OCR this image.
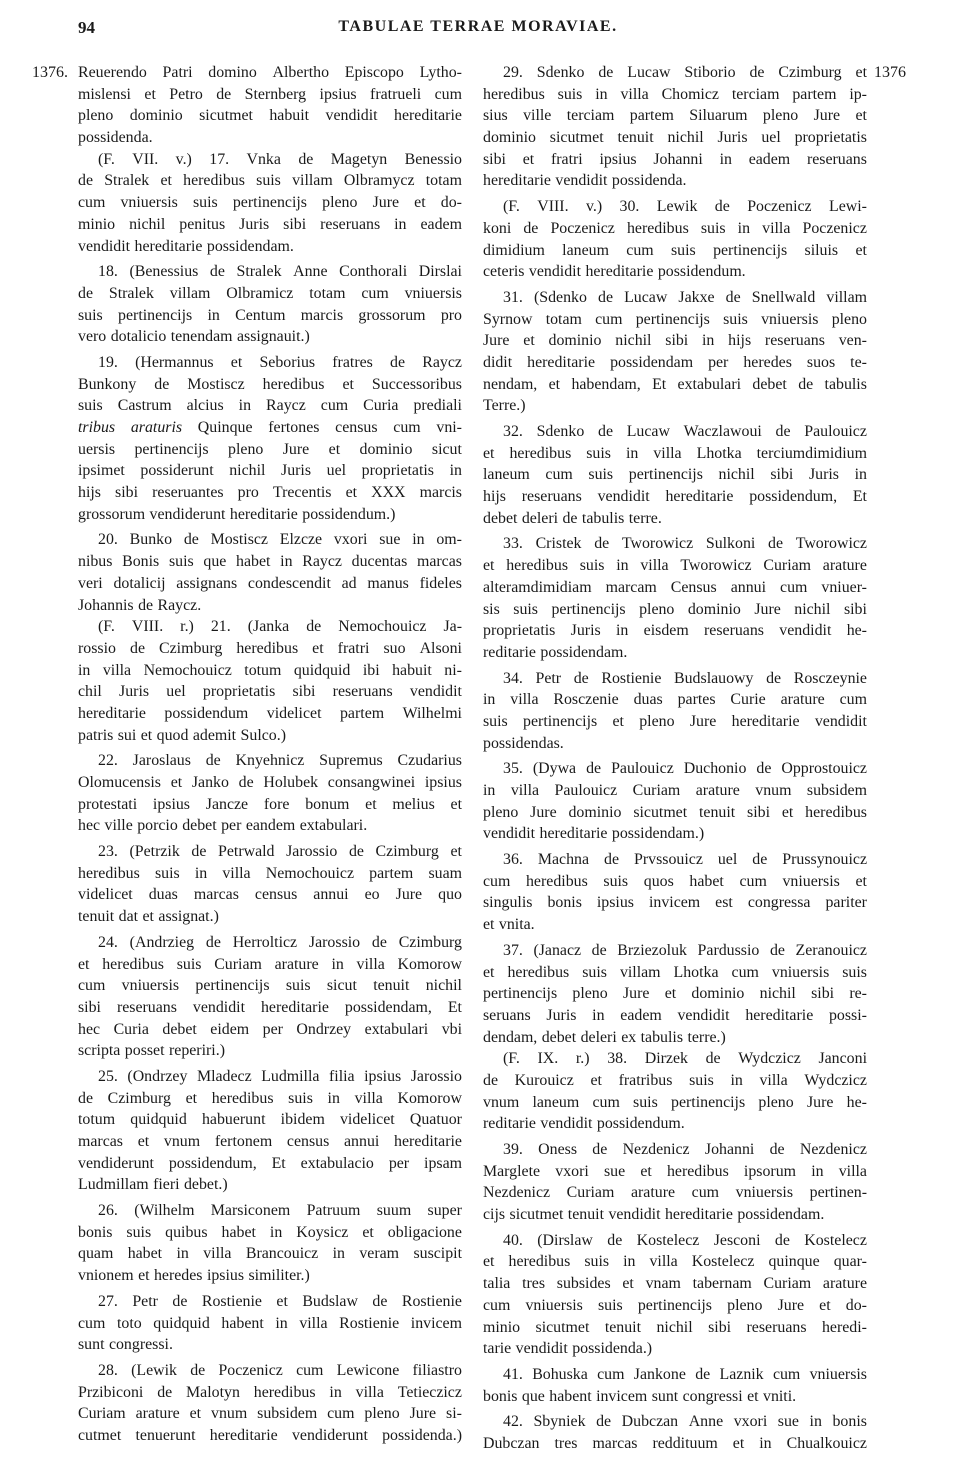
94	TABULAE TERRAE MORAVIAE.
1376.	1376
Reuerendo Patri domino Albertho Episcopo Lytho-
mislensi et Petro de Sternberg ipsius fratrueli cum
pleno dominio sicutmet habuit vendidit hereditarie
possidenda.
(F. VII. v.) 17. Vnka de Magetyn Benessio
de Stralek et heredibus suis villam Olbramycz totam
cum vniuersis suis pertinencijs pleno Jure et do-
minio nichil penitus Juris sibi reseruans in eadem
vendidit hereditarie possidendam.
18. (Benessius de Stralek Anne Conthorali Dirslai
de Stralek villam Olbramicz totam cum vniuersis
suis pertinencijs in Centum marcis grossorum pro
vero dotalicio tenendam assignauit.)
19. (Hermannus et Seborius fratres de Raycz
Bunkony de Mostiscz heredibus et Successoribus
suis Castrum alcius in Raycz cum Curia prediali
tribus araturis Quinque fertones census cum vni-
uersis pertinencijs pleno Jure et dominio sicut
ipsimet possiderunt nichil Juris uel proprietatis in
hijs sibi reseruantes pro Trecentis et XXX marcis
grossorum vendiderunt hereditarie possidendum.)
20. Bunko de Mostiscz Elzcze vxori sue in om-
nibus Bonis suis que habet in Raycz ducentas marcas
veri dotalicij assignans condescendit ad manus fideles
Johannis de Raycz.
(F. VIII. r.) 21. (Janka de Nemochouicz Ja-
rossio de Czimburg heredibus et fratri suo Alsoni
in villa Nemochouicz totum quidquid ibi habuit ni-
chil Juris uel proprietatis sibi reseruans vendidit
hereditarie possidendum videlicet partem Wilhelmi
patris sui et quod ademit Sulco.)
22. Jaroslaus de Knyehnicz Supremus Czudarius
Olomucensis et Janko de Holubek consangwinei ipsius
protestati ipsius Jancze fore bonum et melius et
hec ville porcio debet per eandem extabulari.
23. (Petrzik de Petrwald Jarossio de Czimburg et
heredibus suis in villa Nemochouicz partem suam
videlicet duas marcas census annui eo Jure quo
tenuit dat et assignat.)
24. (Andrzieg de Herrolticz Jarossio de Czimburg
et heredibus suis Curiam arature in villa Komorow
cum vniuersis pertinencijs suis sicut tenuit nichil
sibi reseruans vendidit hereditarie possidendam, Et
hec Curia debet eidem per Ondrzey extabulari vbi
scripta posset reperiri.)
25. (Ondrzey Mladecz Ludmilla filia ipsius Jarossio
de Czimburg et heredibus suis in villa Komorow
totum quidquid habuerunt ibidem videlicet Quatuor
marcas et vnum fertonem census annui hereditarie
vendiderunt possidendum, Et extabulacio per ipsam
Ludmillam fieri debet.)
26. (Wilhelm Marsiconem Patruum suum super
bonis suis quibus habet in Koysicz et obligacione
quam habet in villa Brancouicz in veram suscipit
vnionem et heredes ipsius similiter.)
27. Petr de Rostienie et Budslaw de Rostienie
cum toto quidquid habent in villa Rostienie invicem
sunt congressi.
28. (Lewik de Poczenicz cum Lewicone filiastro
Przibiconi de Malotyn heredibus in villa Tetieczicz
Curiam arature et vnum subsidem cum pleno Jure si-
cutmet tenuerunt hereditarie vendiderunt possidenda.)
29. Sdenko de Lucaw Stiborio de Czimburg et
heredibus suis in villa Chomicz terciam partem ip-
sius ville terciam partem Siluarum pleno Jure et
dominio sicutmet tenuit nichil Juris uel proprietatis
sibi et fratri ipsius Johanni in eadem reseruans
hereditarie vendidit possidenda.
(F. VIII. v.) 30. Lewik de Poczenicz Lewi-
koni de Poczenicz heredibus suis in villa Poczenicz
dimidium laneum cum suis pertinencijs siluis et
ceteris vendidit hereditarie possidendum.
31. (Sdenko de Lucaw Jakxe de Snellwald villam
Syrnow totam cum pertinencijs suis vniuersis pleno
Jure et dominio nichil sibi in hijs reseruans ven-
didit hereditarie possidendam per heredes suos te-
nendam, et habendam, Et extabulari debet de tabulis
Terre.)
32. Sdenko de Lucaw Waczlawoui de Paulouicz
et heredibus suis in villa Lhotka terciumdimidium
laneum cum suis pertinencijs nichil sibi Juris in
hijs reseruans vendidit hereditarie possidendum, Et
debet deleri de tabulis terre.
33. Cristek de Tworowicz Sulkoni de Tworowicz
et heredibus suis in villa Tworowicz Curiam arature
alteramdimidiam marcam Census annui cum vniuer-
sis suis pertinencijs pleno dominio Jure nichil sibi
proprietatis Juris in eisdem reseruans vendidit he-
reditarie possidendam.
34. Petr de Rostienie Budslauowy de Rosczeynie
in villa Rosczenie duas partes Curie arature cum
suis pertinencijs et pleno Jure hereditarie vendidit
possidendas.
35. (Dywa de Paulouicz Duchonio de Opprostouicz
in villa Paulouicz Curiam arature vnum subsidem
pleno Jure dominio sicutmet tenuit sibi et heredibus
vendidit hereditarie possidendam.)
36. Machna de Prvssouicz uel de Prussynouicz
cum heredibus suis quos habet cum vniuersis et
singulis bonis ipsius invicem est congressa pariter
et vnita.
37. (Janacz de Brziezoluk Pardussio de Zeranouicz
et heredibus suis villam Lhotka cum vniuersis suis
pertinencijs pleno Jure et dominio nichil sibi re-
seruans Juris in eadem vendidit hereditarie possi-
dendam, debet deleri ex tabulis terre.)
(F. IX. r.) 38. Dirzek de Wydczicz Janconi
de Kurouicz et fratribus suis in villa Wydczicz
vnum laneum cum suis pertinencijs pleno Jure he-
reditarie vendidit possidendum.
39. Oness de Nezdenicz Johanni de Nezdenicz
Marglete vxori sue et heredibus ipsorum in villa
Nezdenicz Curiam arature cum vniuersis pertinen-
cijs sicutmet tenuit vendidit hereditarie possidendam.
40. (Dirslaw de Kostelecz Jesconi de Kostelecz
et heredibus suis in villa Kostelecz quinque quar-
talia tres subsides et vnam tabernam Curiam arature
cum vniuersis suis pertinencijs pleno Jure et do-
minio sicutmet tenuit nichil sibi reseruans heredi-
tarie vendidit possidenda.)
41. Bohuska cum Jankone de Laznik cum vniuersis
bonis que habent invicem sunt congressi et vniti.
42. Sbyniek de Dubczan Anne vxori sue in bonis
Dubczan tres marcas reddituum et in Chualkouicz
